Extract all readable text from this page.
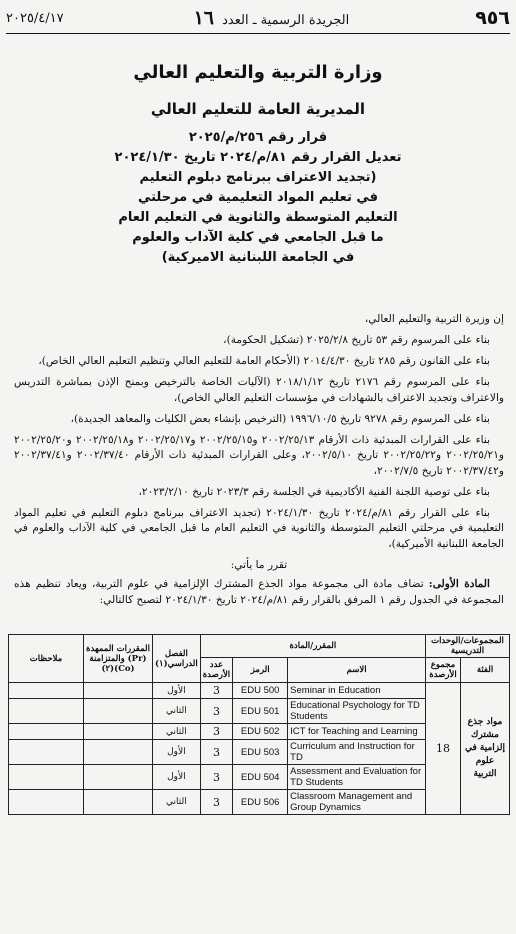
٢٠٢٥/٤/١٧	الجريدة الرسمية ـ العدد ١٦	٩٥٦
وزارة التربية والتعليم العالي
المديرية العامة للتعليم العالي
قرار رقم ٢٥٦/م/٢٠٢٥
تعديل القرار رقم ٨١/م/٢٠٢٤ تاريخ ٢٠٢٤/١/٣٠
(تجديد الاعتراف ببرنامج دبلوم التعليم
في تعليم المواد التعليمية في مرحلتي
التعليم المتوسطة والثانوية في التعليم العام
ما قبل الجامعي في كلية الآداب والعلوم
في الجامعة اللبنانية الاميركية)

إن وزيرة التربية والتعليم العالي،

بناء على المرسوم رقم ٥٣ تاريخ ٢٠٢٥/٢/٨ (تشكيل الحكومة)،

بناء على القانون رقم ٢٨٥ تاريخ ٢٠١٤/٤/٣٠ (الأحكام العامة للتعليم العالي وتنظيم التعليم العالي الخاص)،

بناء على المرسوم رقم ٢١٧٦ تاريخ ٢٠١٨/١/١٢ (الآليات الخاصة بالترخيص وبمنح الإذن بمباشرة التدريس والاعتراف وتجديد الاعتراف بالشهادات في مؤسسات التعليم العالي الخاص)،

بناء على المرسوم رقم ٩٢٧٨ تاريخ ١٩٩٦/١٠/٥ (الترخيص بإنشاء بعض الكليات والمعاهد الجديدة)،

بناء على القرارات المبدئية ذات الأرقام ٢٠٠٢/٢٥/١٣ و٢٠٠٢/٢٥/١٥ و٢٠٠٢/٢٥/١٧ و٢٠٠٢/٢٥/١٨ و٢٠٠٢/٢٥/٢٠ و٢٠٠٢/٢٥/٢١ و٢٠٠٢/٢٥/٢٢ تاريخ ٢٠٠٢/٥/١٠، وعلى القرارات المبدئية ذات الأرقام ٢٠٠٢/٣٧/٤٠ و٢٠٠٢/٣٧/٤١ و٢٠٠٢/٣٧/٤٢ تاريخ ٢٠٠٢/٧/٥،

بناء على توصية اللجنة الفنية الأكاديمية في الجلسة رقم ٢٠٢٣/٣ تاريخ ٢٠٢٣/٢/١٠،

بناء على القرار رقم ٨١/م/٢٠٢٤ تاريخ ٢٠٢٤/١/٣٠ (تجديد الاعتراف ببرنامج دبلوم التعليم في تعليم المواد التعليمية في مرحلتي التعليم المتوسطة والثانوية في التعليم العام ما قبل الجامعي في كلية الآداب والعلوم في الجامعة اللبنانية الأميركية)،

تقرر ما يأتي:

المادة الأولى: تضاف مادة الى مجموعة مواد الجذع المشترك الإلزامية في علوم التربية، ويعاد تنظيم هذه المجموعة في الجدول رقم ١ المرفق بالقرار رقم ٨١/م/٢٠٢٤ تاريخ ٢٠٢٤/١/٣٠ لتصبح كالتالي:

المجموعات/الوحدات التدريسية		المقرر/المادة			الفصل الدراسي(١)	المقررات الممهدة (Pr) والمتزامنة (Co)(٢)	ملاحظات
الفئة	مجموع الأرصدة	الاسم	الرمز	عدد الأرصدة			
مواد جذع مشترك إلزامية في علوم التربية	18	Seminar in Education	EDU 500	3	الأول		
		Educational Psychology for TD Students	EDU 501	3	الثاني		
		ICT for Teaching and Learning	EDU 502	3	الثاني		
		Curriculum and Instruction for TD	EDU 503	3	الأول		
		Assessment and Evaluation for TD Students	EDU 504	3	الأول		
		Classroom Management and Group Dynamics	EDU 506	3	الثاني		
